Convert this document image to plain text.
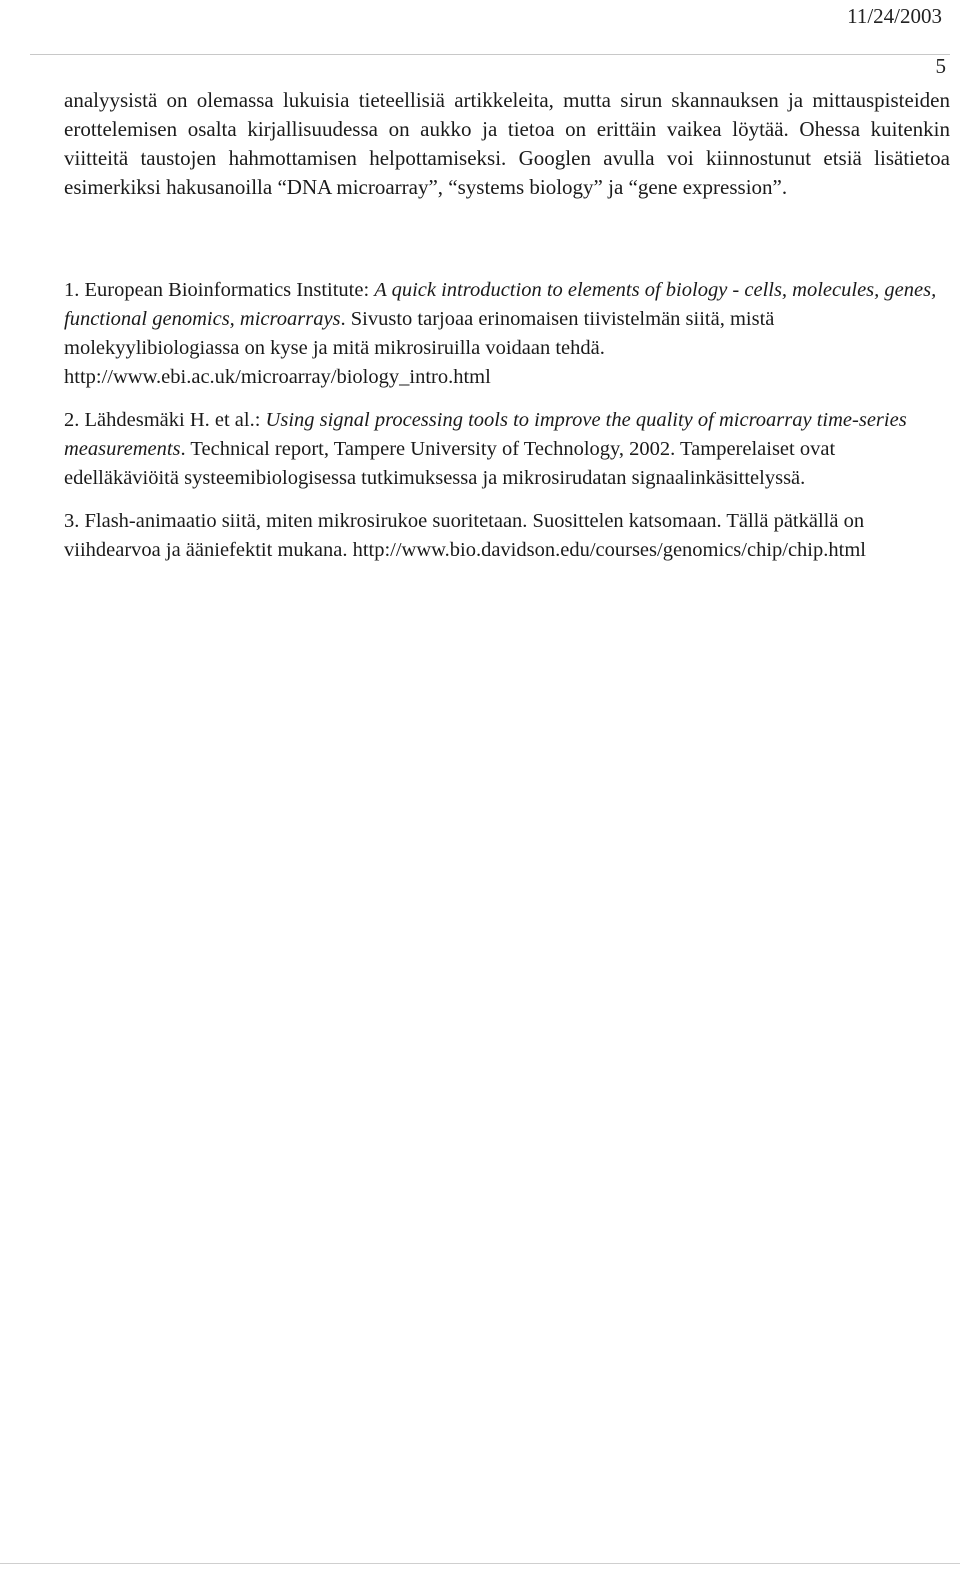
11/24/2003
5

analyysistä on olemassa lukuisia tieteellisiä artikkeleita, mutta sirun skannauksen ja mittauspisteiden erottelemisen osalta kirjallisuudessa on aukko ja tietoa on erittäin vaikea löytää. Ohessa kuitenkin viitteitä taustojen hahmottamisen helpottamiseksi. Googlen avulla voi kiinnostunut etsiä lisätietoa esimerkiksi hakusanoilla “DNA microarray”, “systems biology” ja “gene expression”.

1. European Bioinformatics Institute: A quick introduction to elements of biology - cells, molecules, genes, functional genomics, microarrays. Sivusto tarjoaa erinomaisen tiivistelmän siitä, mistä molekyylibiologiassa on kyse ja mitä mikrosiruilla voidaan tehdä. http://www.ebi.ac.uk/microarray/biology_intro.html
2. Lähdesmäki H. et al.: Using signal processing tools to improve the quality of microarray time-series measurements. Technical report, Tampere University of Technology, 2002. Tamperelaiset ovat edelläkäviöitä systeemibiologisessa tutkimuksessa ja mikrosirudatan signaalinkäsittelyssä.
3. Flash-animaatio siitä, miten mikrosirukoe suoritetaan. Suosittelen katsomaan. Tällä pätkällä on viihdearvoa ja ääniefektit mukana. http://www.bio.davidson.edu/courses/genomics/chip/chip.html
